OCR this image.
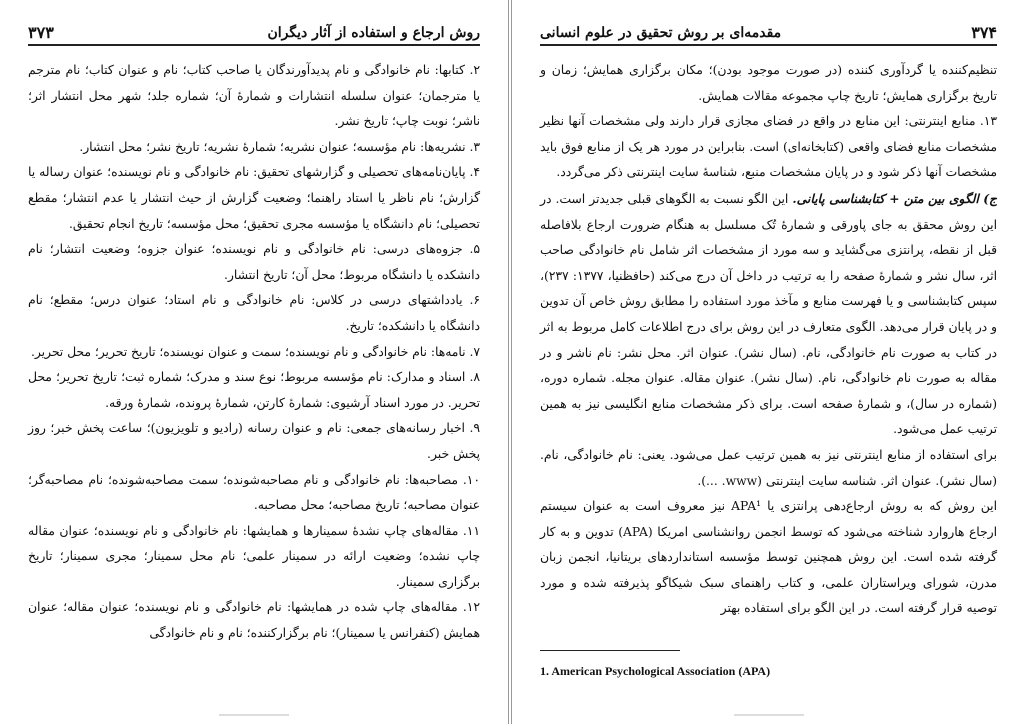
روش ارجاع و استفاده از آثار دیگران
۳۷۳

۲. کتابها: نام خانوادگی و نام پدیدآورندگان یا صاحب کتاب؛ نام و عنوان کتاب؛ نام مترجم یا مترجمان؛ عنوان سلسله انتشارات و شمارهٔ آن؛ شماره جلد؛ شهر محل انتشار اثر؛ ناشر؛ نوبت چاپ؛ تاریخ نشر.

۳. نشریه‌ها: نام مؤسسه؛ عنوان نشریه؛ شمارهٔ نشریه؛ تاریخ نشر؛ محل انتشار.

۴. پایان‌نامه‌های تحصیلی و گزارشهای تحقیق: نام خانوادگی و نام نویسنده؛ عنوان رساله یا گزارش؛ نام ناظر یا استاد راهنما؛ وضعیت گزارش از حیث انتشار یا عدم انتشار؛ مقطع تحصیلی؛ نام دانشگاه یا مؤسسه مجری تحقیق؛ محل مؤسسه؛ تاریخ انجام تحقیق.

۵. جزوه‌های درسی: نام خانوادگی و نام نویسنده؛ عنوان جزوه؛ وضعیت انتشار؛ نام دانشکده یا دانشگاه مربوط؛ محل آن؛ تاریخ انتشار.

۶. یادداشتهای درسی در کلاس: نام خانوادگی و نام استاد؛ عنوان درس؛ مقطع؛ نام دانشگاه یا دانشکده؛ تاریخ.

۷. نامه‌ها: نام خانوادگی و نام نویسنده؛ سمت و عنوان نویسنده؛ تاریخ تحریر؛ محل تحریر.

۸. اسناد و مدارک: نام مؤسسه مربوط؛ نوع سند و مدرک؛ شماره ثبت؛ تاریخ تحریر؛ محل تحریر. در مورد اسناد آرشیوی: شمارهٔ کارتن، شمارهٔ پرونده، شمارهٔ ورقه.

۹. اخبار رسانه‌های جمعی: نام و عنوان رسانه (رادیو و تلویزیون)؛ ساعت پخش خبر؛ روز پخش خبر.

۱۰. مصاحبه‌ها: نام خانوادگی و نام مصاحبه‌شونده؛ سمت مصاحبه‌شونده؛ نام مصاحبه‌گر؛ عنوان مصاحبه؛ تاریخ مصاحبه؛ محل مصاحبه.

۱۱. مقاله‌های چاپ نشدهٔ سمینارها و همایشها: نام خانوادگی و نام نویسنده؛ عنوان مقاله چاپ نشده؛ وضعیت ارائه در سمینار علمی؛ نام محل سمینار؛ مجری سمینار؛ تاریخ برگزاری سمینار.

۱۲. مقاله‌های چاپ شده در همایشها: نام خانوادگی و نام نویسنده؛ عنوان مقاله؛ عنوان همایش (کنفرانس یا سمینار)؛ نام برگزارکننده؛ نام و نام خانوادگی

۳۷۴
مقدمه‌ای بر روش تحقیق در علوم انسانی

تنظیم‌کننده یا گردآوری کننده (در صورت موجود بودن)؛ مکان برگزاری همایش؛ زمان و تاریخ برگزاری همایش؛ تاریخ چاپ مجموعه مقالات همایش.

۱۳. منابع اینترنتی: این منابع در واقع در فضای مجازی قرار دارند ولی مشخصات آنها نظیر مشخصات منابع فضای واقعی (کتابخانه‌ای) است. بنابراین در مورد هر یک از منابع فوق باید مشخصات آنها ذکر شود و در پایان مشخصات منبع، شناسهٔ سایت اینترنتی ذکر می‌گردد.

ج) الگوی بین متن + کتابشناسی پایانی. این الگو نسبت به الگوهای قبلی جدیدتر است. در این روش محقق به جای پاورقی و شمارهٔ تُک مسلسل به هنگام ضرورت ارجاع بلافاصله قبل از نقطه، پرانتزی می‌گشاید و سه مورد از مشخصات اثر شامل نام خانوادگی صاحب اثر، سال نشر و شمارهٔ صفحه را به ترتیب در داخل آن درج می‌کند (حافظنیا، ۱۳۷۷: ۲۳۷)، سپس کتابشناسی و یا فهرست منابع و مآخذ مورد استفاده را مطابق روش خاص آن تدوین و در پایان قرار می‌دهد. الگوی متعارف در این روش برای درج اطلاعات کامل مربوط به اثر در کتاب به صورت نام خانوادگی، نام. (سال نشر). عنوان اثر. محل نشر: نام ناشر و در مقاله به صورت نام خانوادگی، نام. (سال نشر). عنوان مقاله. عنوان مجله. شماره دوره، (شماره در سال)، و شمارهٔ صفحه است. برای ذکر مشخصات منابع انگلیسی نیز به همین ترتیب عمل می‌شود.

برای استفاده از منابع اینترنتی نیز به همین ترتیب عمل می‌شود. یعنی: نام خانوادگی، نام. (سال نشر). عنوان اثر. شناسه سایت اینترنتی (www. ...).

این روش که به روش ارجاع‌دهی پرانتزی یا APA¹ نیز معروف است به عنوان سیستم ارجاع هاروارد شناخته می‌شود که توسط انجمن روانشناسی امریکا (APA) تدوین و به کار گرفته شده است. این روش همچنین توسط مؤسسه استانداردهای بریتانیا، انجمن زبان مدرن، شورای ویراستاران علمی، و کتاب راهنمای سبک شیکاگو پذیرفته شده و مورد توصیه قرار گرفته است. در این الگو برای استفاده بهتر

1. American Psychological Association (APA)
